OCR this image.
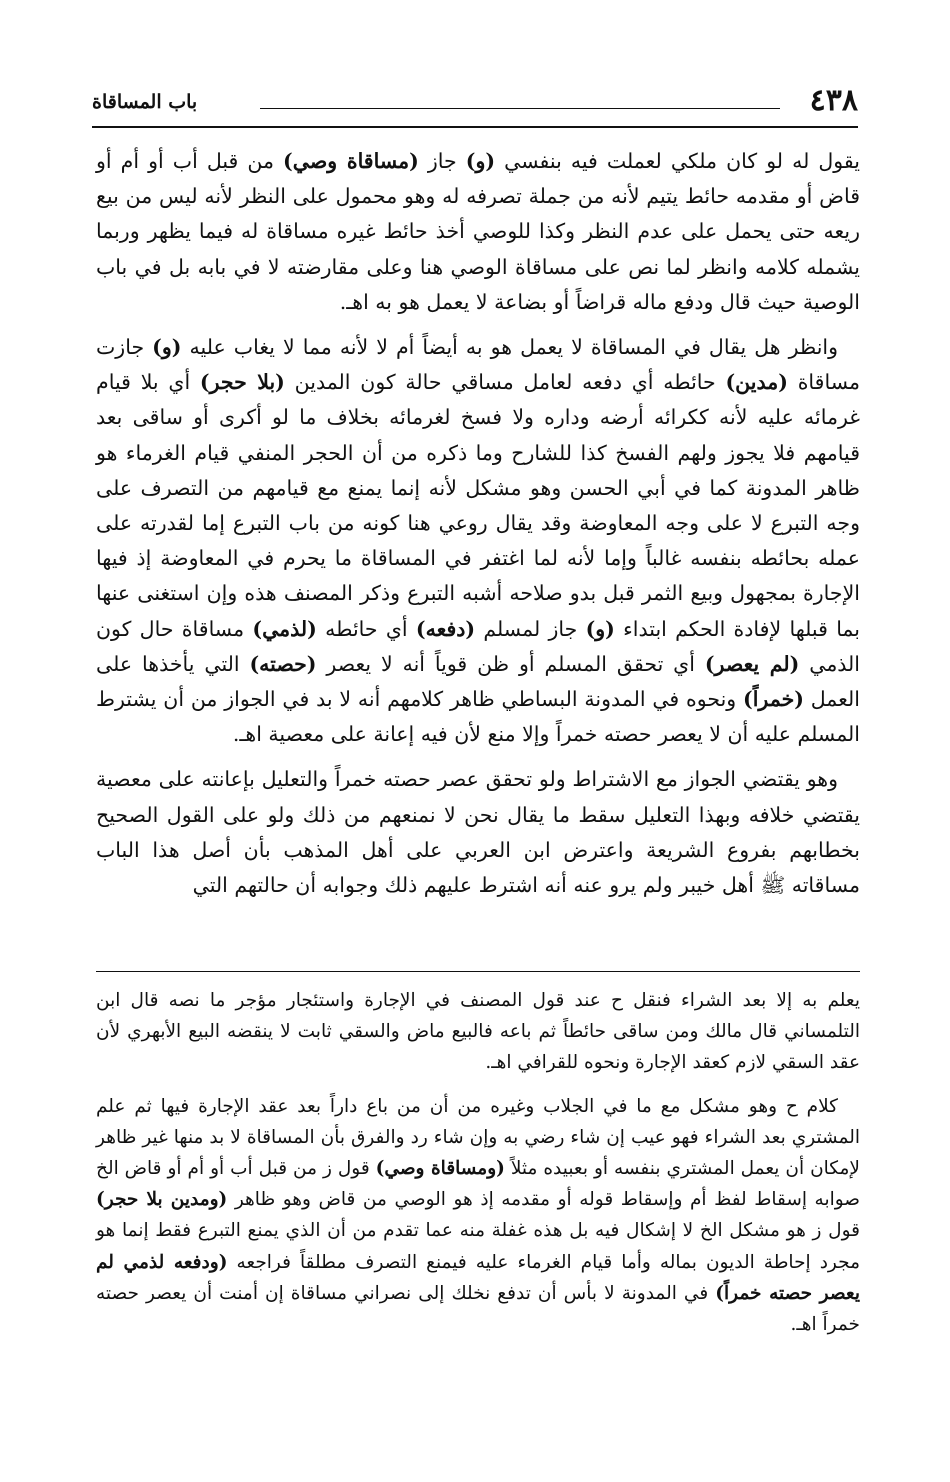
٤٣٨
باب المساقاة

يقول له لو كان ملكي لعملت فيه بنفسي (و) جاز (مساقاة وصي) من قبل أب أو أم أو قاض أو مقدمه حائط يتيم لأنه من جملة تصرفه له وهو محمول على النظر لأنه ليس من بيع ريعه حتى يحمل على عدم النظر وكذا للوصي أخذ حائط غيره مساقاة له فيما يظهر وربما يشمله كلامه وانظر لما نص على مساقاة الوصي هنا وعلى مقارضته لا في بابه بل في باب الوصية حيث قال ودفع ماله قراضاً أو بضاعة لا يعمل هو به اهـ.

وانظر هل يقال في المساقاة لا يعمل هو به أيضاً أم لا لأنه مما لا يغاب عليه (و) جازت مساقاة (مدين) حائطه أي دفعه لعامل مساقي حالة كون المدين (بلا حجر) أي بلا قيام غرمائه عليه لأنه ككرائه أرضه وداره ولا فسخ لغرمائه بخلاف ما لو أكرى أو ساقى بعد قيامهم فلا يجوز ولهم الفسخ كذا للشارح وما ذكره من أن الحجر المنفي قيام الغرماء هو ظاهر المدونة كما في أبي الحسن وهو مشكل لأنه إنما يمنع مع قيامهم من التصرف على وجه التبرع لا على وجه المعاوضة وقد يقال روعي هنا كونه من باب التبرع إما لقدرته على عمله بحائطه بنفسه غالباً وإما لأنه لما اغتفر في المساقاة ما يحرم في المعاوضة إذ فيها الإجارة بمجهول وبيع الثمر قبل بدو صلاحه أشبه التبرع وذكر المصنف هذه وإن استغنى عنها بما قبلها لإفادة الحكم ابتداء (و) جاز لمسلم (دفعه) أي حائطه (لذمي) مساقاة حال كون الذمي (لم يعصر) أي تحقق المسلم أو ظن قوياً أنه لا يعصر (حصته) التي يأخذها على العمل (خمراً) ونحوه في المدونة البساطي ظاهر كلامهم أنه لا بد في الجواز من أن يشترط المسلم عليه أن لا يعصر حصته خمراً وإلا منع لأن فيه إعانة على معصية اهـ.

وهو يقتضي الجواز مع الاشتراط ولو تحقق عصر حصته خمراً والتعليل بإعانته على معصية يقتضي خلافه وبهذا التعليل سقط ما يقال نحن لا نمنعهم من ذلك ولو على القول الصحيح بخطابهم بفروع الشريعة واعترض ابن العربي على أهل المذهب بأن أصل هذا الباب مساقاته ﷺ أهل خيبر ولم يرو عنه أنه اشترط عليهم ذلك وجوابه أن حالتهم التي

يعلم به إلا بعد الشراء فنقل ح عند قول المصنف في الإجارة واستئجار مؤجر ما نصه قال ابن التلمساني قال مالك ومن ساقى حائطاً ثم باعه فالبيع ماض والسقي ثابت لا ينقضه البيع الأبهري لأن عقد السقي لازم كعقد الإجارة ونحوه للقرافي اهـ.

كلام ح وهو مشكل مع ما في الجلاب وغيره من أن من باع داراً بعد عقد الإجارة فيها ثم علم المشتري بعد الشراء فهو عيب إن شاء رضي به وإن شاء رد والفرق بأن المساقاة لا بد منها غير ظاهر لإمكان أن يعمل المشتري بنفسه أو بعبيده مثلاً (ومساقاة وصي) قول ز من قبل أب أو أم أو قاض الخ صوابه إسقاط لفظ أم وإسقاط قوله أو مقدمه إذ هو الوصي من قاض وهو ظاهر (ومدين بلا حجر) قول ز هو مشكل الخ لا إشكال فيه بل هذه غفلة منه عما تقدم من أن الذي يمنع التبرع فقط إنما هو مجرد إحاطة الديون بماله وأما قيام الغرماء عليه فيمنع التصرف مطلقاً فراجعه (ودفعه لذمي لم يعصر حصته خمراً) في المدونة لا بأس أن تدفع نخلك إلى نصراني مساقاة إن أمنت أن يعصر حصته خمراً اهـ.
